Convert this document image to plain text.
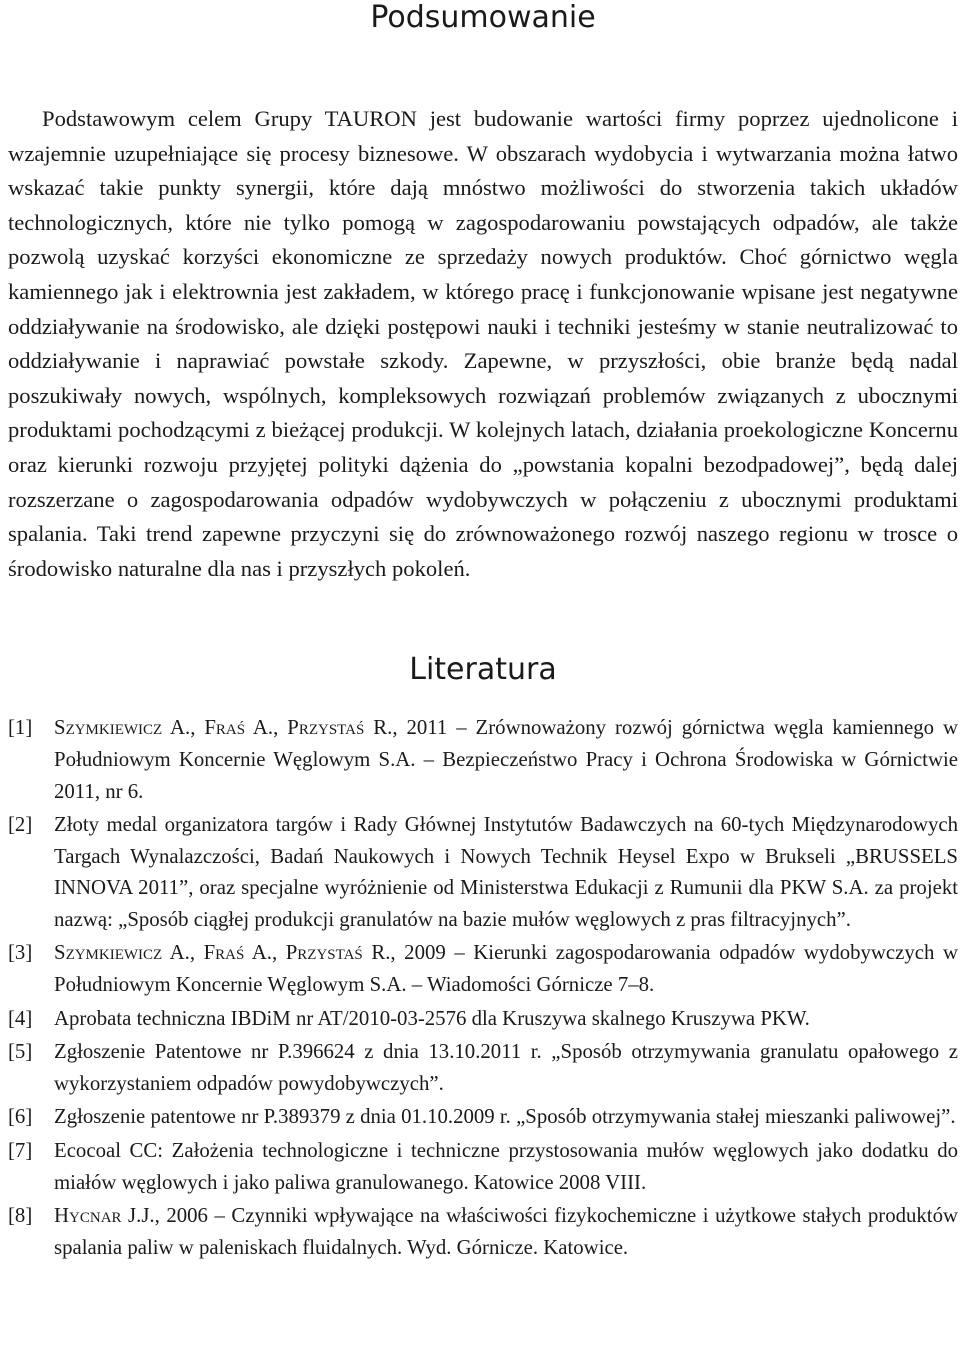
Podsumowanie

Podstawowym celem Grupy TAURON jest budowanie wartości firmy poprzez ujednolicone i wzajemnie uzupełniające się procesy biznesowe. W obszarach wydobycia i wytwarzania można łatwo wskazać takie punkty synergii, które dają mnóstwo możliwości do stworzenia takich układów technologicznych, które nie tylko pomogą w zagospodarowaniu powstających odpadów, ale także pozwolą uzyskać korzyści ekonomiczne ze sprzedaży nowych produktów. Choć górnictwo węgla kamiennego jak i elektrownia jest zakładem, w którego pracę i funkcjonowanie wpisane jest negatywne oddziaływanie na środowisko, ale dzięki postępowi nauki i techniki jesteśmy w stanie neutralizować to oddziaływanie i naprawiać powstałe szkody. Zapewne, w przyszłości, obie branże będą nadal poszukiwały nowych, wspólnych, kompleksowych rozwiązań problemów związanych z ubocznymi produktami pochodzącymi z bieżącej produkcji. W kolejnych latach, działania proekologiczne Koncernu oraz kierunki rozwoju przyjętej polityki dążenia do „powstania kopalni bezodpadowej”, będą dalej rozszerzane o zagospodarowania odpadów wydobywczych w połączeniu z ubocznymi produktami spalania. Taki trend zapewne przyczyni się do zrównoważonego rozwój naszego regionu w trosce o środowisko naturalne dla nas i przyszłych pokoleń.

Literatura
[1] Szymkiewicz A., Fraś A., Przystaś R., 2011 – Zrównoważony rozwój górnictwa węgla kamiennego w Południowym Koncernie Węglowym S.A. – Bezpieczeństwo Pracy i Ochrona Środowiska w Górnictwie 2011, nr 6.
[2] Złoty medal organizatora targów i Rady Głównej Instytutów Badawczych na 60-tych Międzynarodowych Targach Wynalazczości, Badań Naukowych i Nowych Technik Heysel Expo w Brukseli „BRUSSELS INNOVA 2011”, oraz specjalne wyróżnienie od Ministerstwa Edukacji z Rumunii dla PKW S.A. za projekt nazwą: „Sposób ciągłej produkcji granulatów na bazie mułów węglowych z pras filtracyjnych”.
[3] Szymkiewicz A., Fraś A., Przystaś R., 2009 – Kierunki zagospodarowania odpadów wydobywczych w Południowym Koncernie Węglowym S.A. – Wiadomości Górnicze 7–8.
[4] Aprobata techniczna IBDiM nr AT/2010-03-2576 dla Kruszywa skalnego Kruszywa PKW.
[5] Zgłoszenie Patentowe nr P.396624 z dnia 13.10.2011 r. „Sposób otrzymywania granulatu opałowego z wykorzystaniem odpadów powydobywczych”.
[6] Zgłoszenie patentowe nr P.389379 z dnia 01.10.2009 r. „Sposób otrzymywania stałej mieszanki paliwowej”.
[7] Ecocoal CC: Założenia technologiczne i techniczne przystosowania mułów węglowych jako dodatku do miałów węglowych i jako paliwa granulowanego. Katowice 2008 VIII.
[8] Hycnar J.J., 2006 – Czynniki wpływające na właściwości fizykochemiczne i użytkowe stałych produktów spalania paliw w paleniskach fluidalnych. Wyd. Górnicze. Katowice.
